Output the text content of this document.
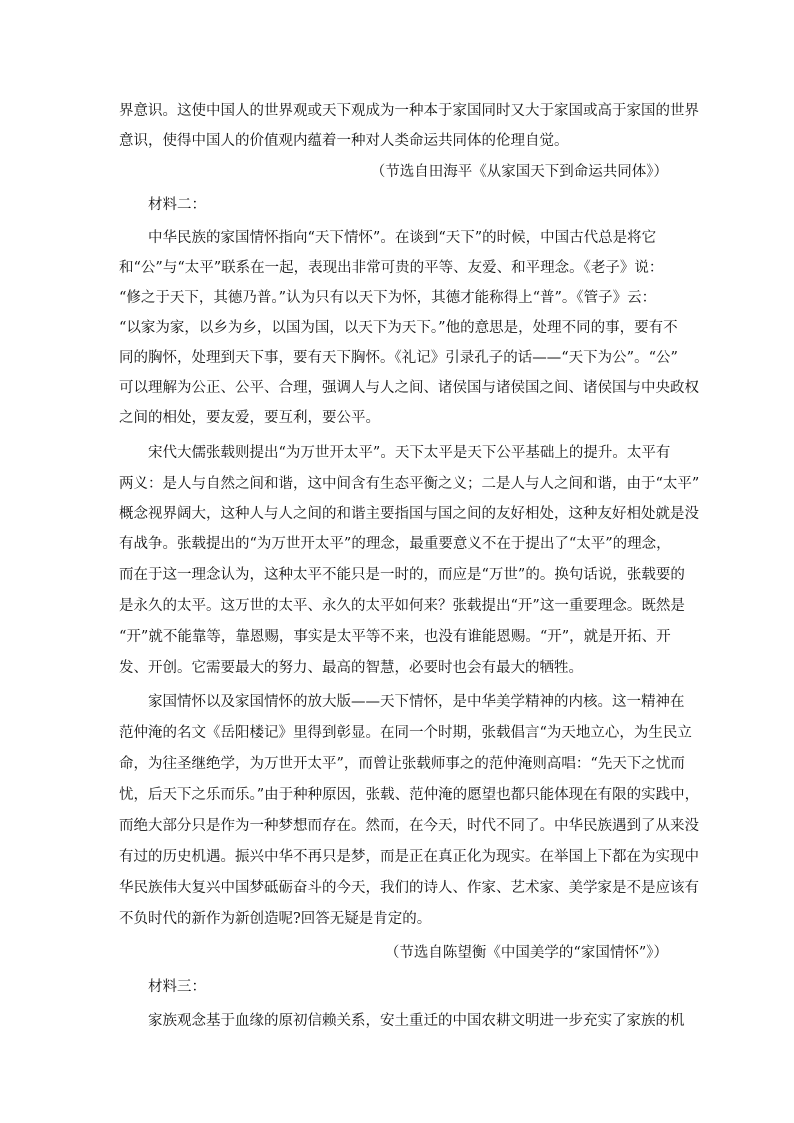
界意识。这使中国人的世界观或天下观成为一种本于家国同时又大于家国或高于家国的世界
意识，使得中国人的价值观内蕴着一种对人类命运共同体的伦理自觉。
（节选自田海平《从家国天下到命运共同体》）
材料二：
中华民族的家国情怀指向“天下情怀”。在谈到“天下”的时候，中国古代总是将它
和“公”与“太平”联系在一起，表现出非常可贵的平等、友爱、和平理念。《老子》说：
“修之于天下，其德乃普。”认为只有以天下为怀，其德才能称得上“普”。《管子》云：
“以家为家，以乡为乡，以国为国，以天下为天下。”他的意思是，处理不同的事，要有不
同的胸怀，处理到天下事，要有天下胸怀。《礼记》引录孔子的话——“天下为公”。“公”
可以理解为公正、公平、合理，强调人与人之间、诸侯国与诸侯国之间、诸侯国与中央政权
之间的相处，要友爱，要互利，要公平。
宋代大儒张载则提出“为万世开太平”。天下太平是天下公平基础上的提升。太平有
两义：是人与自然之间和谐，这中间含有生态平衡之义；二是人与人之间和谐，由于“太平”
概念视界阔大，这种人与人之间的和谐主要指国与国之间的友好相处，这种友好相处就是没
有战争。张载提出的“为万世开太平”的理念，最重要意义不在于提出了“太平”的理念，
而在于这一理念认为，这种太平不能只是一时的，而应是“万世”的。换句话说，张载要的
是永久的太平。这万世的太平、永久的太平如何来？张载提出“开”这一重要理念。既然是
“开”就不能靠等，靠恩赐，事实是太平等不来，也没有谁能恩赐。“开”，就是开拓、开
发、开创。它需要最大的努力、最高的智慧，必要时也会有最大的牺牲。
家国情怀以及家国情怀的放大版——天下情怀，是中华美学精神的内核。这一精神在
范仲淹的名文《岳阳楼记》里得到彰显。在同一个时期，张载倡言“为天地立心，为生民立
命，为往圣继绝学，为万世开太平”，而曾让张载师事之的范仲淹则高唱：“先天下之忧而
忧，后天下之乐而乐。”由于种种原因，张载、范仲淹的愿望也都只能体现在有限的实践中，
而绝大部分只是作为一种梦想而存在。然而，在今天，时代不同了。中华民族遇到了从来没
有过的历史机遇。振兴中华不再只是梦，而是正在真正化为现实。在举国上下都在为实现中
华民族伟大复兴中国梦砥砺奋斗的今天，我们的诗人、作家、艺术家、美学家是不是应该有
不负时代的新作为新创造呢?回答无疑是肯定的。
（节选自陈望衡《中国美学的“家国情怀”》）
材料三：
家族观念基于血缘的原初信赖关系，安土重迁的中国农耕文明进一步充实了家族的机
